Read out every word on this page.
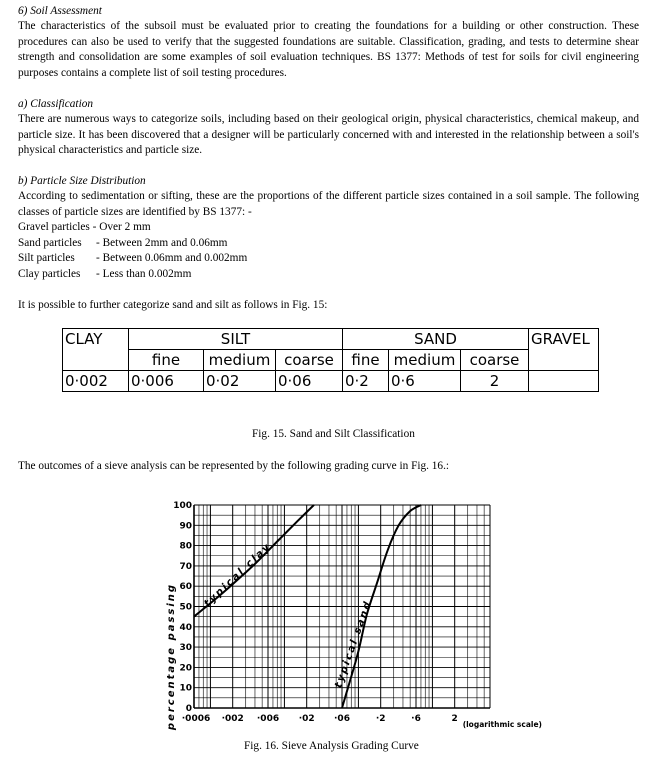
6) Soil Assessment
The characteristics of the subsoil must be evaluated prior to creating the foundations for a building or other construction. These procedures can also be used to verify that the suggested foundations are suitable. Classification, grading, and tests to determine shear strength and consolidation are some examples of soil evaluation techniques. BS 1377: Methods of test for soils for civil engineering purposes contains a complete list of soil testing procedures.
a) Classification
There are numerous ways to categorize soils, including based on their geological origin, physical characteristics, chemical makeup, and particle size. It has been discovered that a designer will be particularly concerned with and interested in the relationship between a soil's physical characteristics and particle size.
b) Particle Size Distribution
According to sedimentation or sifting, these are the proportions of the different particle sizes contained in a soil sample. The following classes of particle sizes are identified by BS 1377: -
Gravel particles - Over 2 mm
Sand particles - Between 2mm and 0.06mm
Silt particles - Between 0.06mm and 0.002mm
Clay particles - Less than 0.002mm
It is possible to further categorize sand and silt as follows in Fig. 15:
CLAY	SILT			SAND			GRAVEL
	fine	medium	coarse	fine	medium	coarse	
0·002	0·006	0·02	0·06	0·2	0·6	2	
Fig. 15. Sand and Silt Classification
The outcomes of a sieve analysis can be represented by the following grading curve in Fig. 16.:
0
10
20
30
40
50
60
70
80
90
100
·0006 ·002 ·006 ·02 ·06	·2	·6	2
typical clay
typical sand
percentage passing	(logarithmic scale)
Fig. 16. Sieve Analysis Grading Curve
